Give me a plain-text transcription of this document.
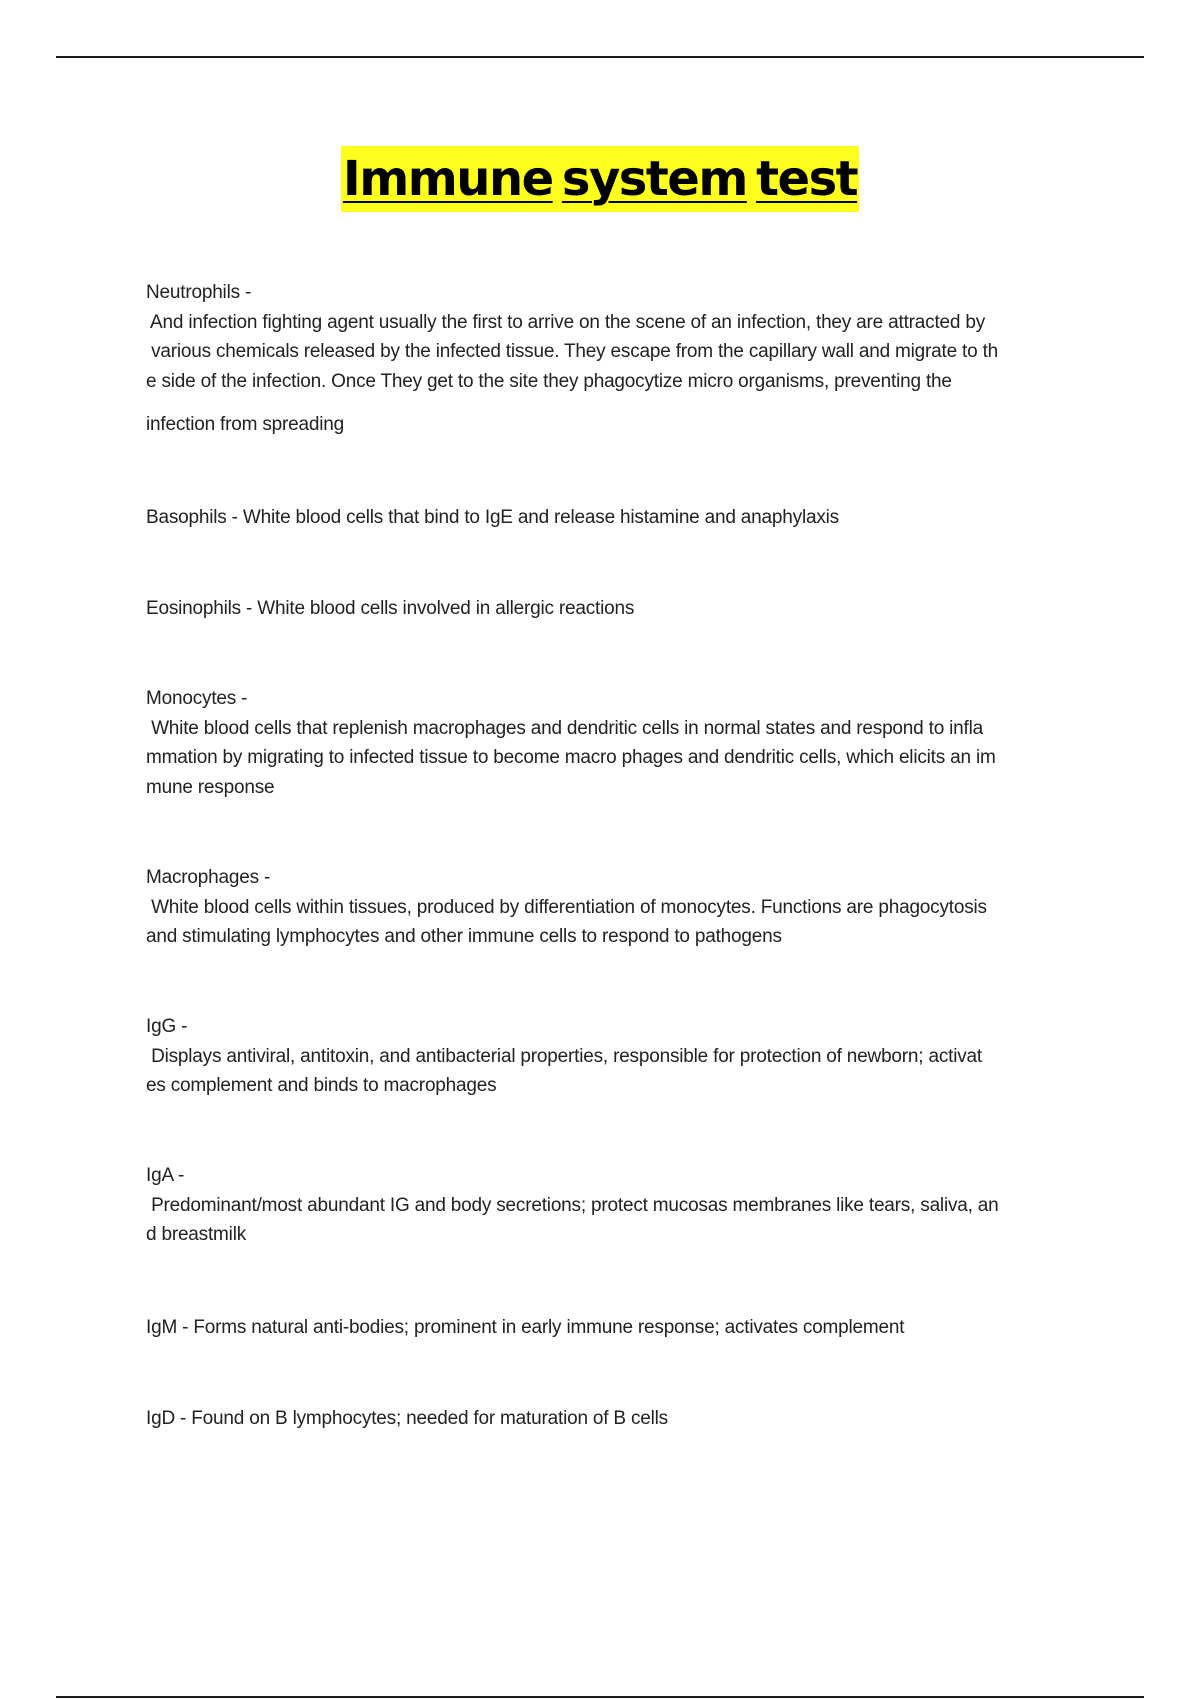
Immune system test
Neutrophils -
And infection fighting agent usually the first to arrive on the scene of an infection, they are attracted by
various chemicals released by the infected tissue. They escape from the capillary wall and migrate to th
e side of the infection. Once They get to the site they phagocytize micro organisms, preventing the
infection from spreading
Basophils - White blood cells that bind to IgE and release histamine and anaphylaxis
Eosinophils - White blood cells involved in allergic reactions
Monocytes -
White blood cells that replenish macrophages and dendritic cells in normal states and respond to infla
mmation by migrating to infected tissue to become macro phages and dendritic cells, which elicits an im
mune response
Macrophages -
White blood cells within tissues, produced by differentiation of monocytes. Functions are phagocytosis
and stimulating lymphocytes and other immune cells to respond to pathogens
IgG -
Displays antiviral, antitoxin, and antibacterial properties, responsible for protection of newborn; activat
es complement and binds to macrophages
IgA -
Predominant/most abundant IG and body secretions; protect mucosas membranes like tears, saliva, an
d breastmilk
IgM - Forms natural anti-bodies; prominent in early immune response; activates complement
IgD - Found on B lymphocytes; needed for maturation of B cells
